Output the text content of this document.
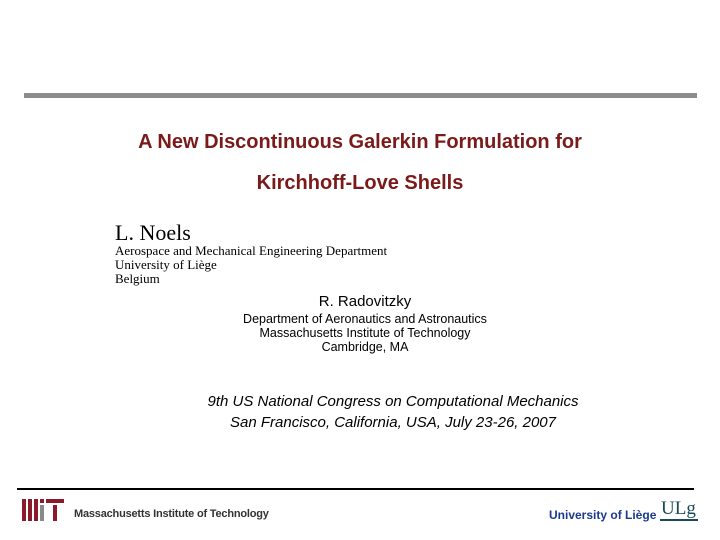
A New Discontinuous Galerkin Formulation for
Kirchhoff-Love Shells
L. Noels
Aerospace and Mechanical Engineering Department
University of Liège
Belgium
R. Radovitzky
Department of Aeronautics and Astronautics
Massachusetts Institute of Technology
Cambridge, MA
9th US National Congress on Computational Mechanics
San Francisco, California, USA, July 23-26, 2007
Massachusetts Institute of Technology	University of Liège ULg
